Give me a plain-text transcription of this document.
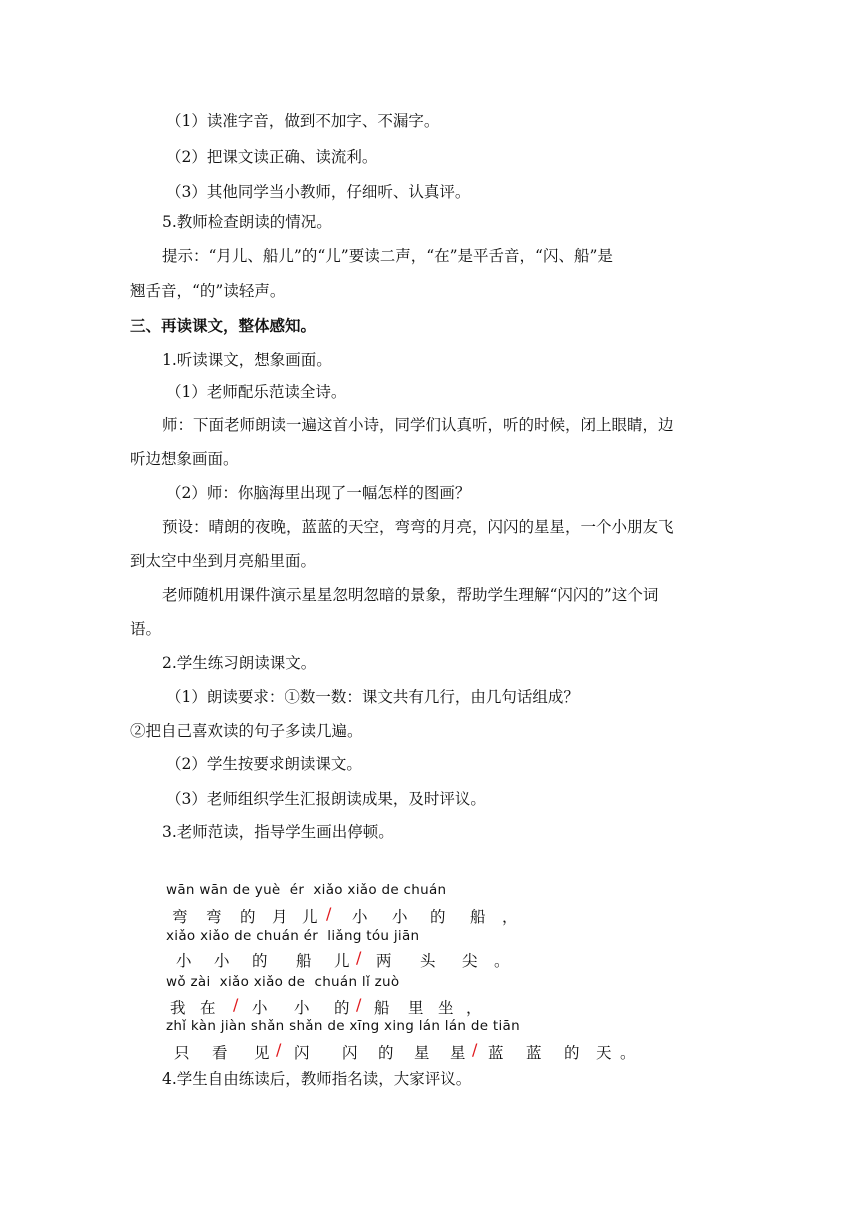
（1）读准字音，做到不加字、不漏字。
（2）把课文读正确、读流利。
（3）其他同学当小教师，仔细听、认真评。
5.教师检查朗读的情况。
提示：“月儿、船儿”的“儿”要读二声，“在”是平舌音，“闪、船”是
翘舌音，“的”读轻声。
三、再读课文，整体感知。
1.听读课文，想象画面。
（1）老师配乐范读全诗。
师：下面老师朗读一遍这首小诗，同学们认真听，听的时候，闭上眼睛，边
听边想象画面。
（2）师：你脑海里出现了一幅怎样的图画？
预设：晴朗的夜晚，蓝蓝的天空，弯弯的月亮，闪闪的星星，一个小朋友飞
到太空中坐到月亮船里面。
老师随机用课件演示星星忽明忽暗的景象，帮助学生理解“闪闪的”这个词
语。
2.学生练习朗读课文。
（1）朗读要求：①数一数：课文共有几行，由几句话组成？
②把自己喜欢读的句子多读几遍。
（2）学生按要求朗读课文。
（3）老师组织学生汇报朗读成果，及时评议。
3.老师范读，指导学生画出停顿。
wān wān de yuè  ér  xiǎo xiǎo de chuán
弯 弯 的 月 儿 / 小 小 的 船 ，
xiǎo xiǎo de chuán ér  liǎng tóu jiān
小 小 的 船 儿 / 两 头 尖 。
wǒ zài  xiǎo xiǎo de  chuán lǐ zuò
我 在 / 小 小 的 / 船 里 坐 ，
zhǐ kàn jiàn shǎn shǎn de xīng xing lán lán de tiān
只 看 见 / 闪 闪 的 星 星 / 蓝 蓝 的 天 。
4.学生自由练读后，教师指名读，大家评议。
